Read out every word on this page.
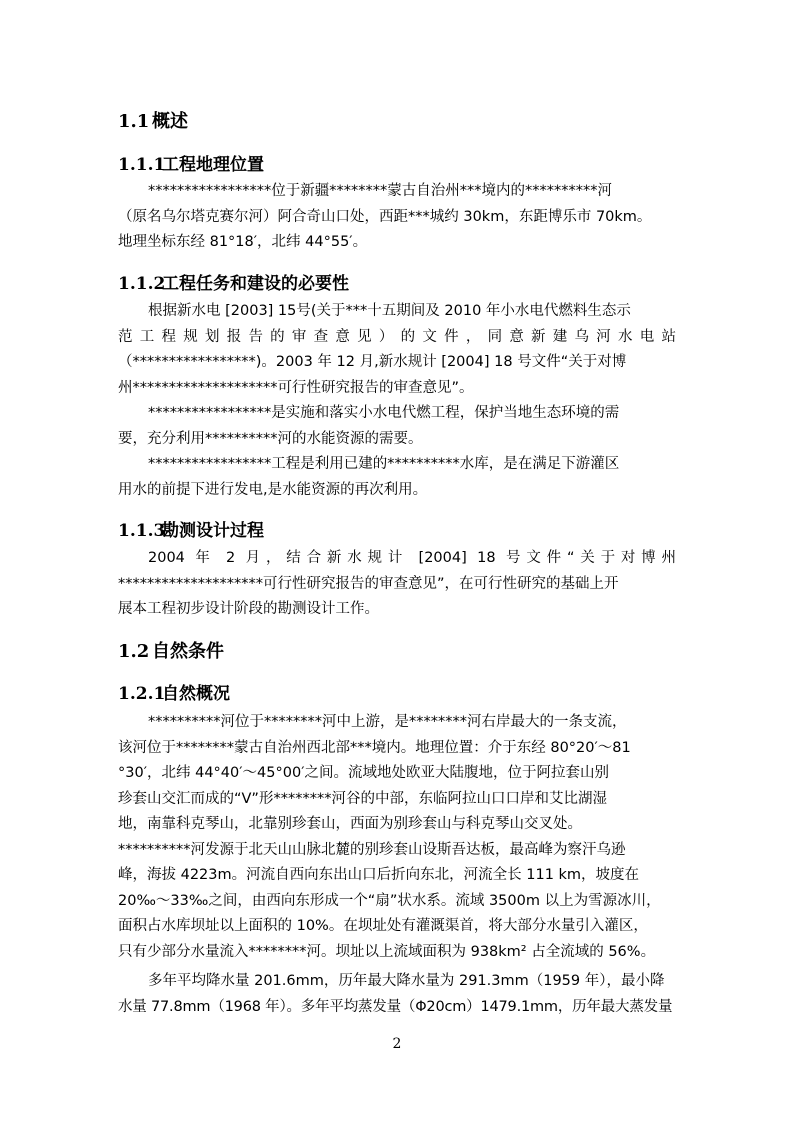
1.1 概述
1.1.1工程地理位置
*****************位于新疆********蒙古自治州***境内的**********河
（原名乌尔塔克赛尔河）阿合奇山口处，西距***城约 30km，东距博乐市 70km。
地理坐标东经 81°18′，北纬 44°55′。
1.1.2工程任务和建设的必要性
根据新水电 [2003] 15号(关于***十五期间及 2010 年小水电代燃料生态示
范工程规划报告的审查意见）的文件，同意新建乌河水电站
（*****************)。2003 年 12 月,新水规计 [2004] 18 号文件“关于对博
州********************可行性研究报告的审查意见”。
*****************是实施和落实小水电代燃工程，保护当地生态环境的需
要，充分利用**********河的水能资源的需要。
*****************工程是利用已建的**********水库，是在满足下游灌区
用水的前提下进行发电,是水能资源的再次利用。
1.1.3勘测设计过程
2004 年 2 月，结合新水规计 [2004] 18 号文件“关于对博州
********************可行性研究报告的审查意见”，在可行性研究的基础上开
展本工程初步设计阶段的勘测设计工作。
1.2 自然条件
1.2.1自然概况
**********河位于********河中上游，是********河右岸最大的一条支流，
该河位于********蒙古自治州西北部***境内。地理位置：介于东经 80°20′～81
°30′，北纬 44°40′～45°00′之间。流域地处欧亚大陆腹地，位于阿拉套山别
珍套山交汇而成的“V”形********河谷的中部，东临阿拉山口口岸和艾比湖湿
地，南靠科克琴山，北靠别珍套山，西面为别珍套山与科克琴山交叉处。
**********河发源于北天山山脉北麓的别珍套山设斯吾达板，最高峰为察汗乌逊
峰，海拔 4223m。河流自西向东出山口后折向东北，河流全长 111 km，坡度在
20‰～33‰之间，由西向东形成一个“扇”状水系。流域 3500m 以上为雪源冰川，
面积占水库坝址以上面积的 10%。在坝址处有灌溉渠首，将大部分水量引入灌区，
只有少部分水量流入********河。坝址以上流域面积为 938km² 占全流域的 56%。
多年平均降水量 201.6mm，历年最大降水量为 291.3mm（1959 年），最小降
水量 77.8mm（1968 年）。多年平均蒸发量（Φ20cm）1479.1mm，历年最大蒸发量
2
